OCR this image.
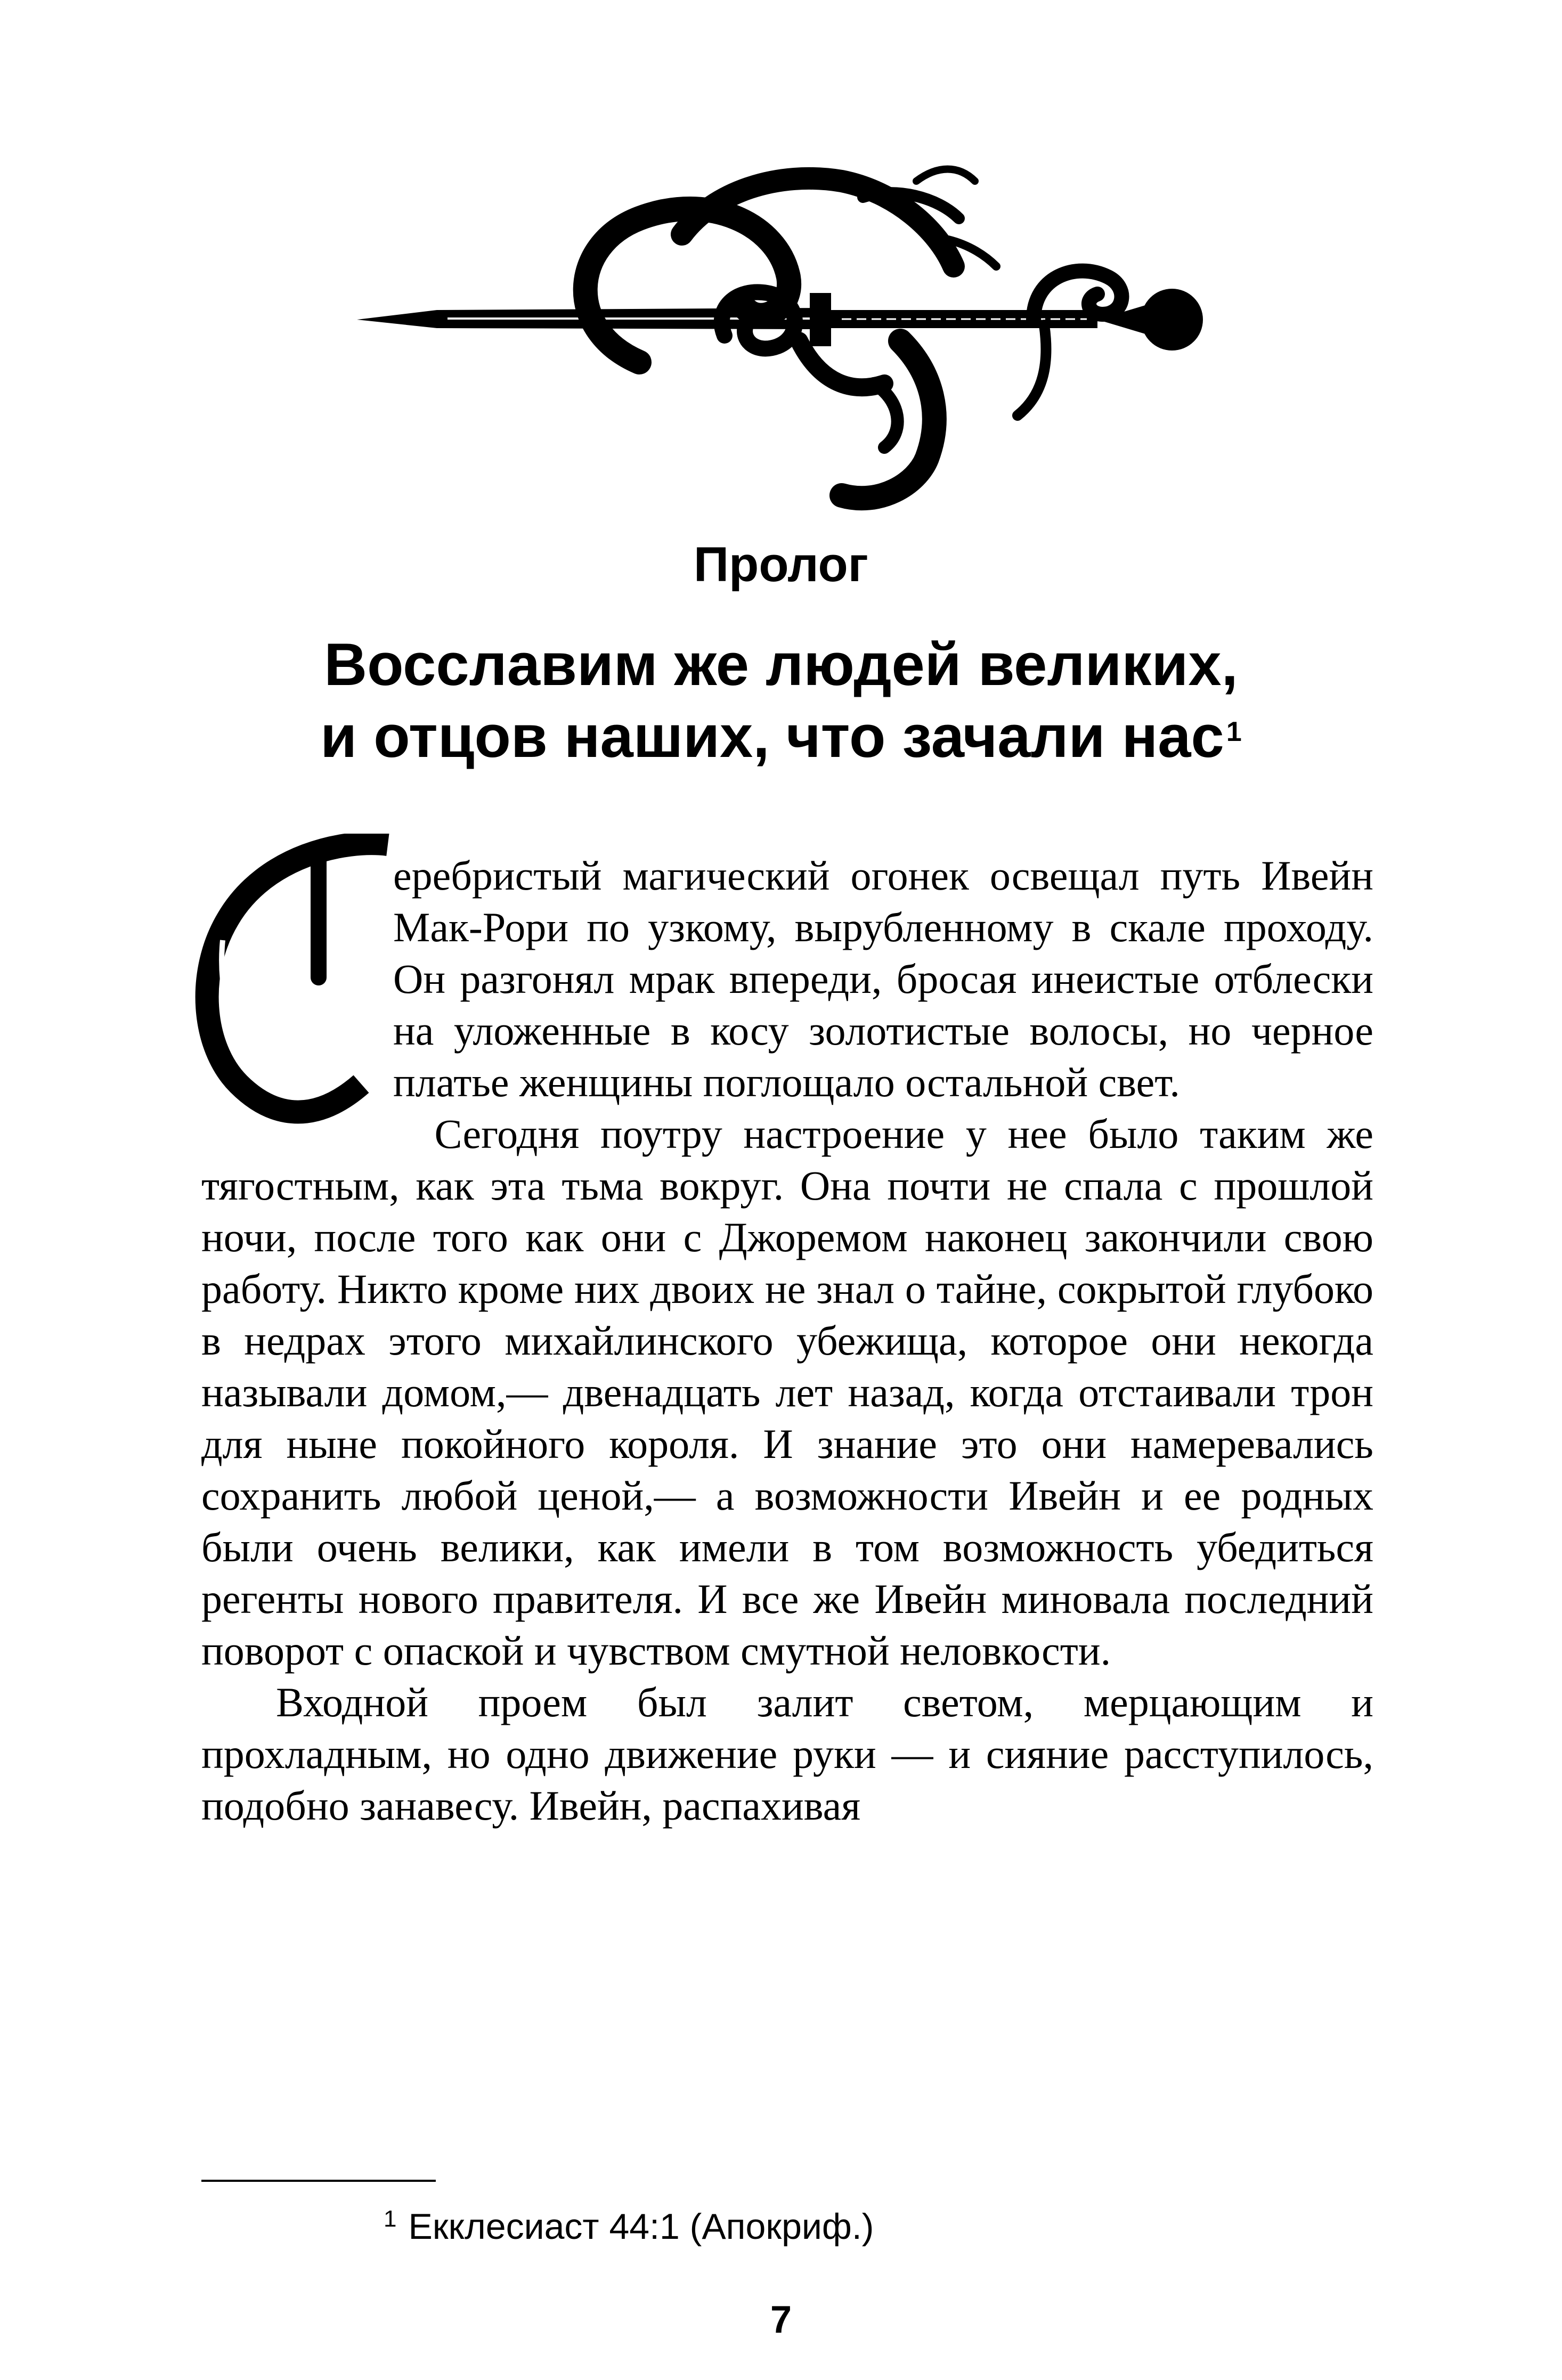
Пролог

Восславим же людей великих,
и отцов наших, что зачали нас$^1$

С еребристый магический огонек освещал путь Ивейн Мак-Рори по узкому, вырубленному в скале проходу. Он разгонял мрак впереди, бросая инеистые отблески на уложенные в косу золотистые волосы, но черное платье женщины поглощало остальной свет.

Сегодня поутру настроение у нее было таким же тягостным, как эта тьма вокруг. Она почти не спала с прошлой ночи, после того как они с Джоремом наконец закончили свою работу. Никто кроме них двоих не знал о тайне, сокрытой глубоко в недрах этого михайлинского убежища, которое они некогда называли домом,— двенадцать лет назад, когда отстаивали трон для ныне покойного короля. И знание это они намеревались сохранить любой ценой,— а возможности Ивейн и ее родных были очень велики, как имели в том возможность убедиться регенты нового правителя. И все же Ивейн миновала последний поворот с опаской и чувством смутной неловкости.

Входной проем был залит светом, мерцающим и прохладным, но одно движение руки — и сияние расступилось, подобно занавесу. Ивейн, распахивая

$^1$ Екклесиаст 44:1 (Апокриф.)

7
